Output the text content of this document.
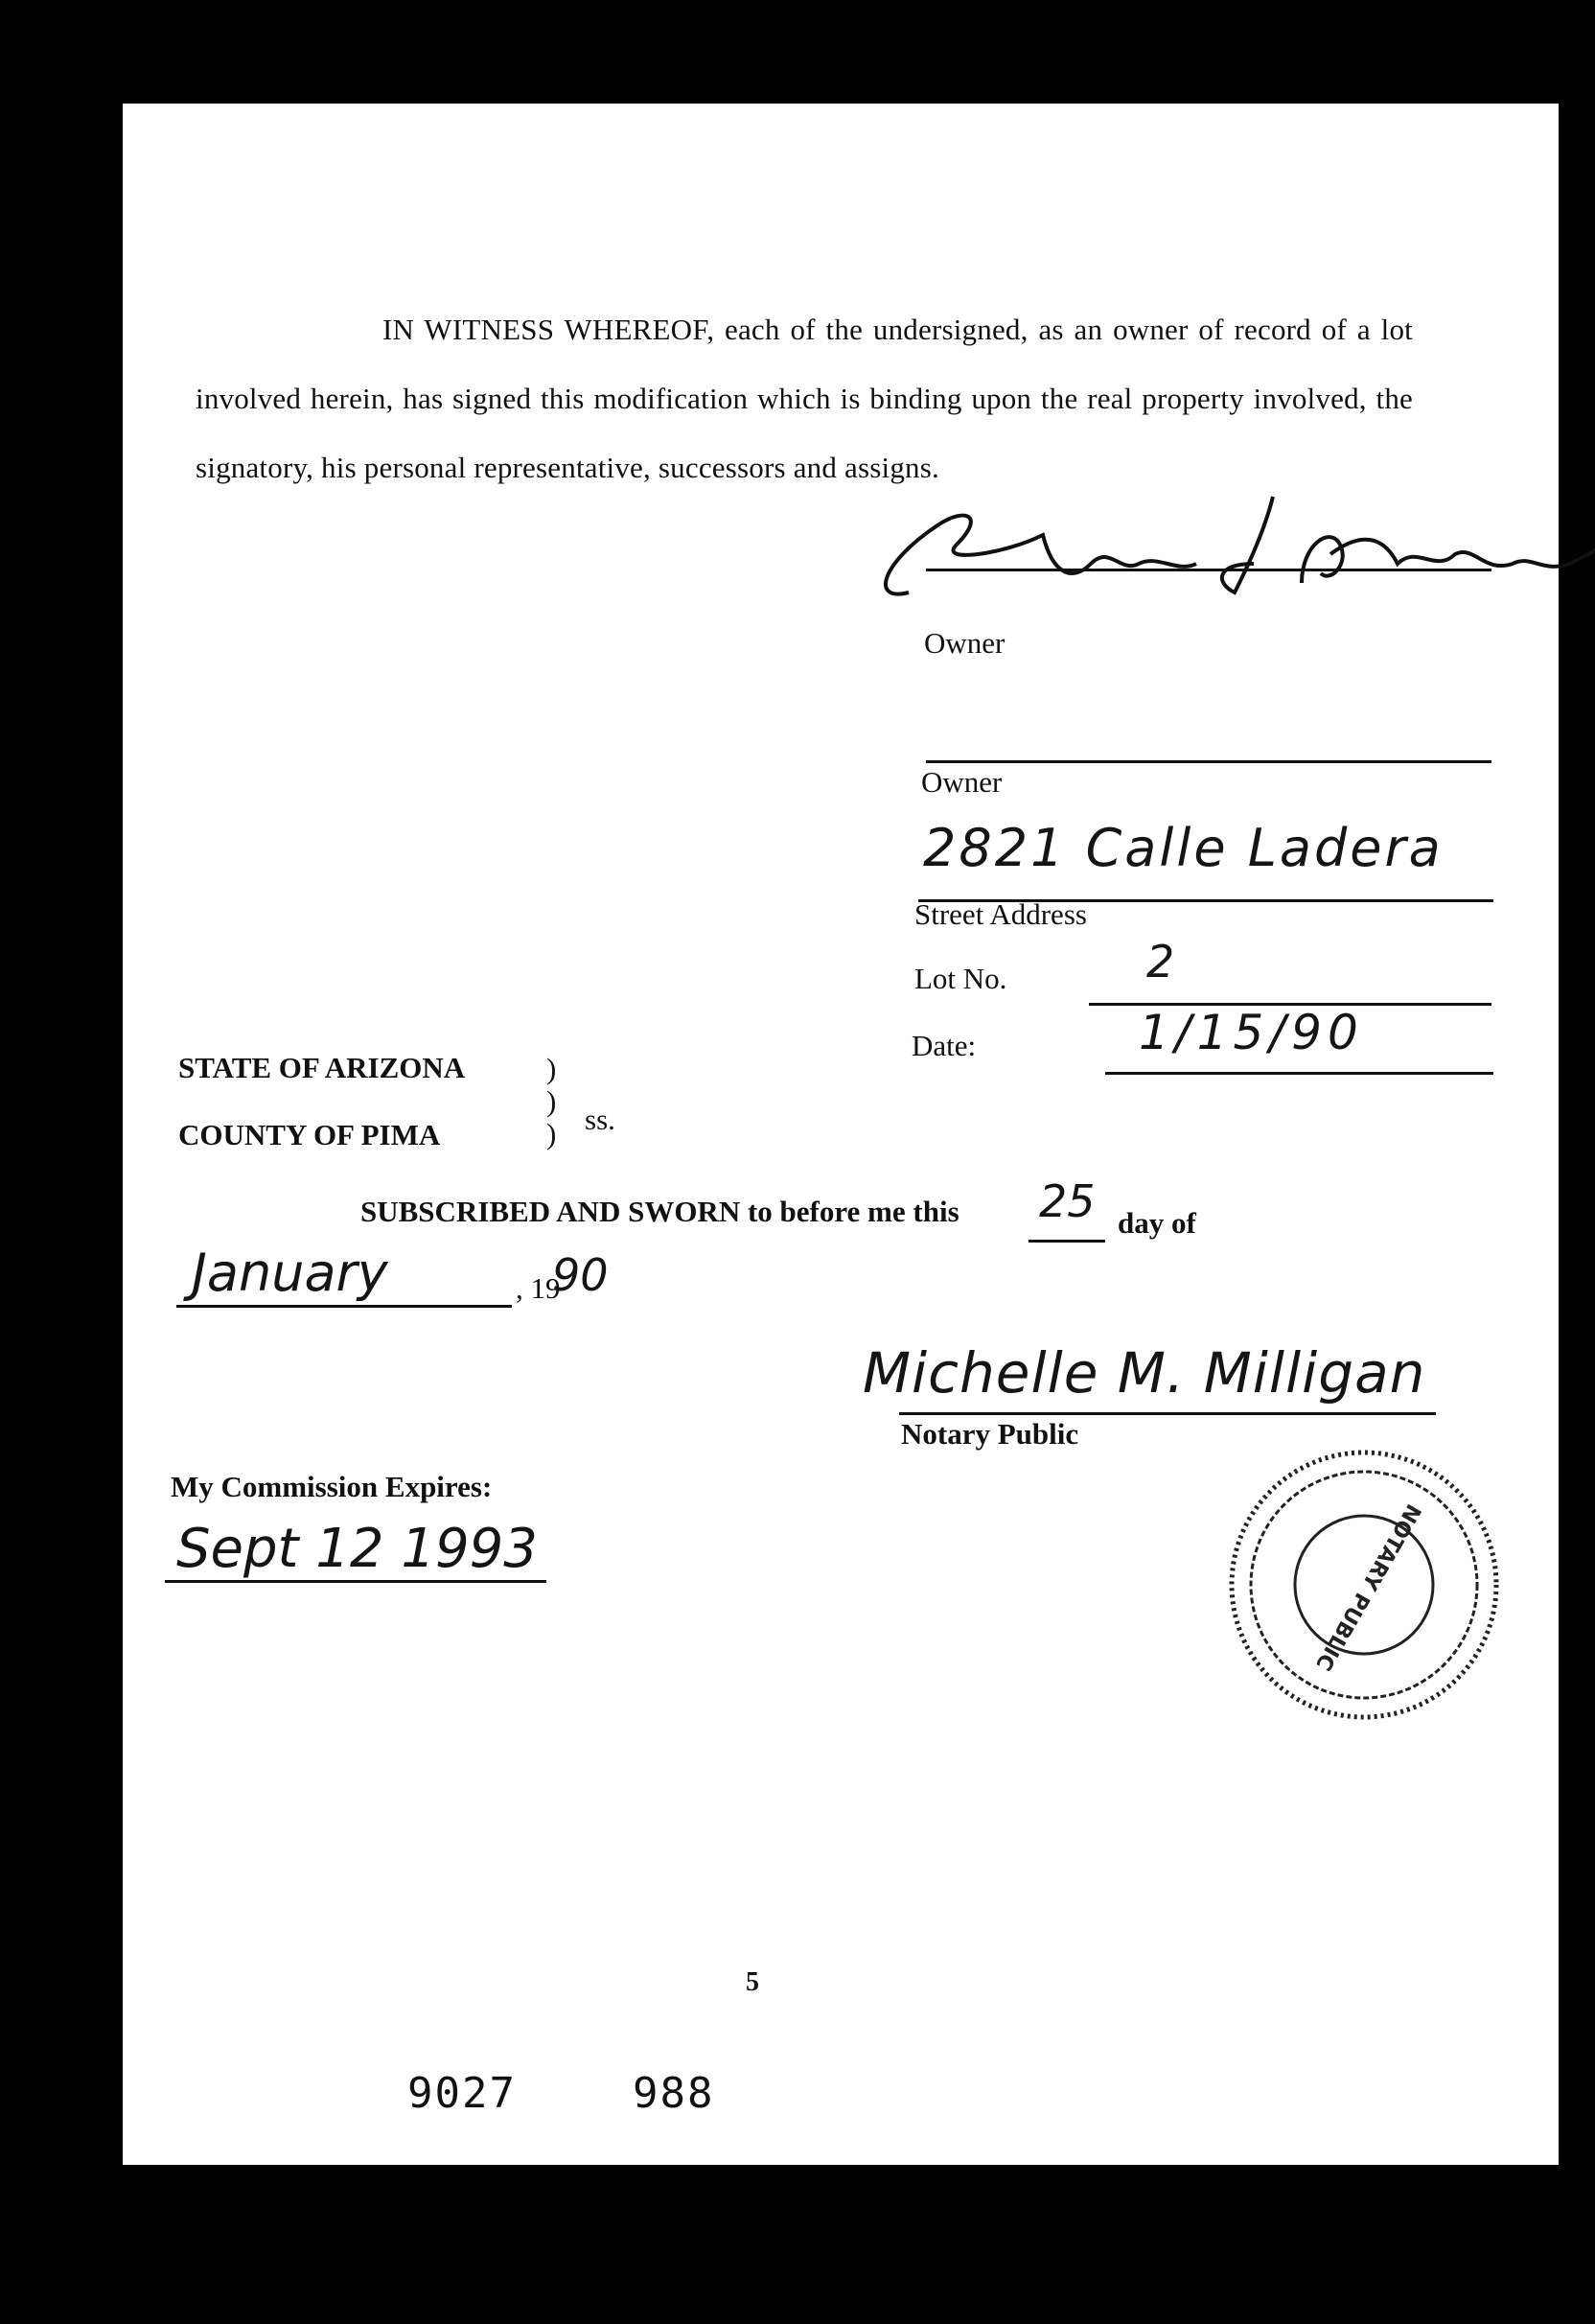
IN WITNESS WHEREOF, each of the undersigned, as an owner of record of a lot involved herein, has signed this modification which is binding upon the real property involved, the signatory, his personal representative, successors and assigns.
Owner
Owner
2821 Calle Ladera
Street Address
Lot No.	2
Date:	1/15/90
STATE OF ARIZONA	)
)
) ss.
COUNTY OF PIMA
SUBSCRIBED AND SWORN to before me this 25 day of
January	, 19
90
Michelle M. Milligan
Notary Public
NOTARY PUBLIC
My Commission Expires:
Sept 12 1993
5
9027	988
